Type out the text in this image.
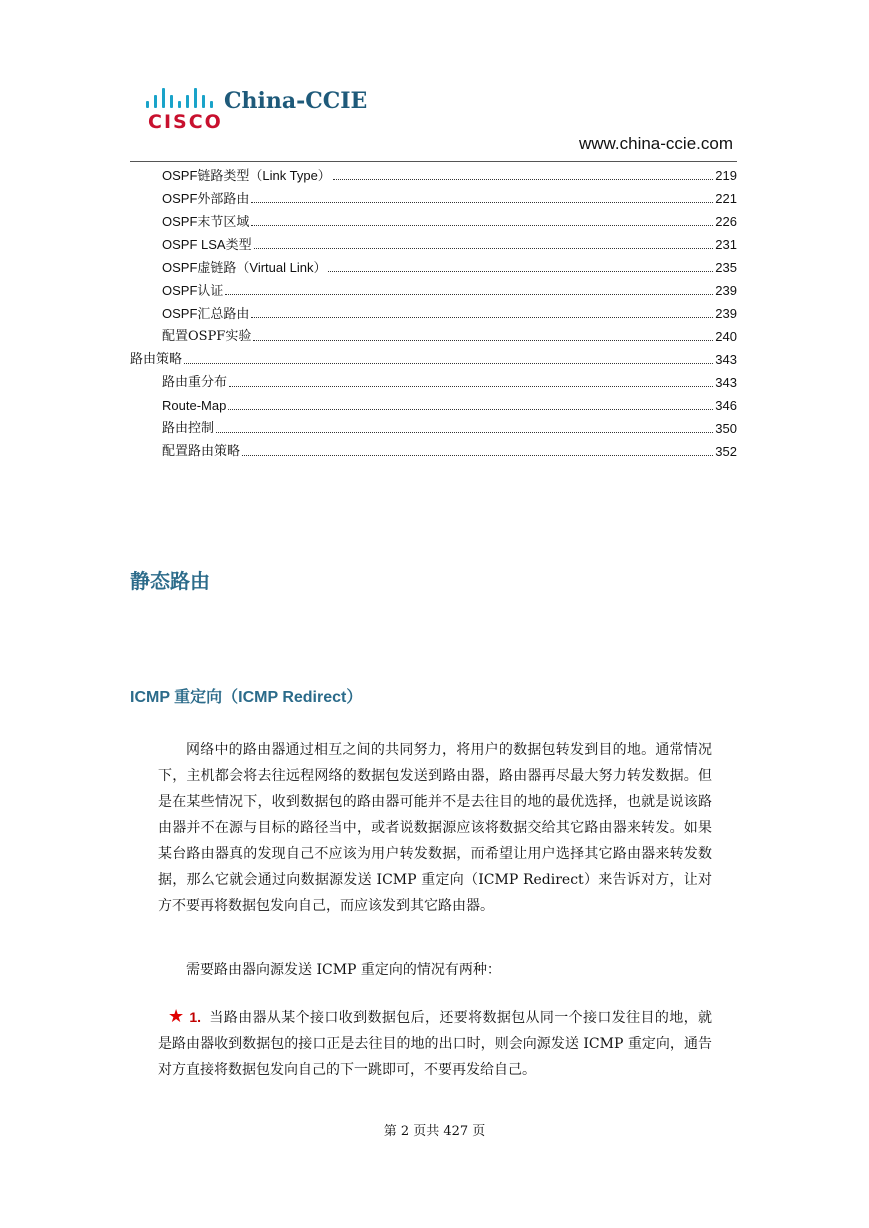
CISCO
China-CCIE
www.china-ccie.com
OSPF链路类型（Link Type）	219
OSPF外部路由	221
OSPF末节区域	226
OSPF LSA类型	231
OSPF虚链路（Virtual Link）	235
OSPF认证	239
OSPF汇总路由	239
配置OSPF实验	240
路由策略	343
路由重分布	343
Route-Map	346
路由控制	350
配置路由策略	352
静态路由
ICMP 重定向（ICMP Redirect）
网络中的路由器通过相互之间的共同努力，将用户的数据包转发到目的地。通常情况下，主机都会将去往远程网络的数据包发送到路由器，路由器再尽最大努力转发数据。但是在某些情况下，收到数据包的路由器可能并不是去往目的地的最优选择，也就是说该路由器并不在源与目标的路径当中，或者说数据源应该将数据交给其它路由器来转发。如果某台路由器真的发现自己不应该为用户转发数据，而希望让用户选择其它路由器来转发数据，那么它就会通过向数据源发送 ICMP 重定向（ICMP Redirect）来告诉对方，让对方不要再将数据包发向自己，而应该发到其它路由器。
需要路由器向源发送 ICMP 重定向的情况有两种：
★ 1. 当路由器从某个接口收到数据包后，还要将数据包从同一个接口发往目的地，就是路由器收到数据包的接口正是去往目的地的出口时，则会向源发送 ICMP 重定向，通告对方直接将数据包发向自己的下一跳即可，不要再发给自己。
第 2 页共 427 页
